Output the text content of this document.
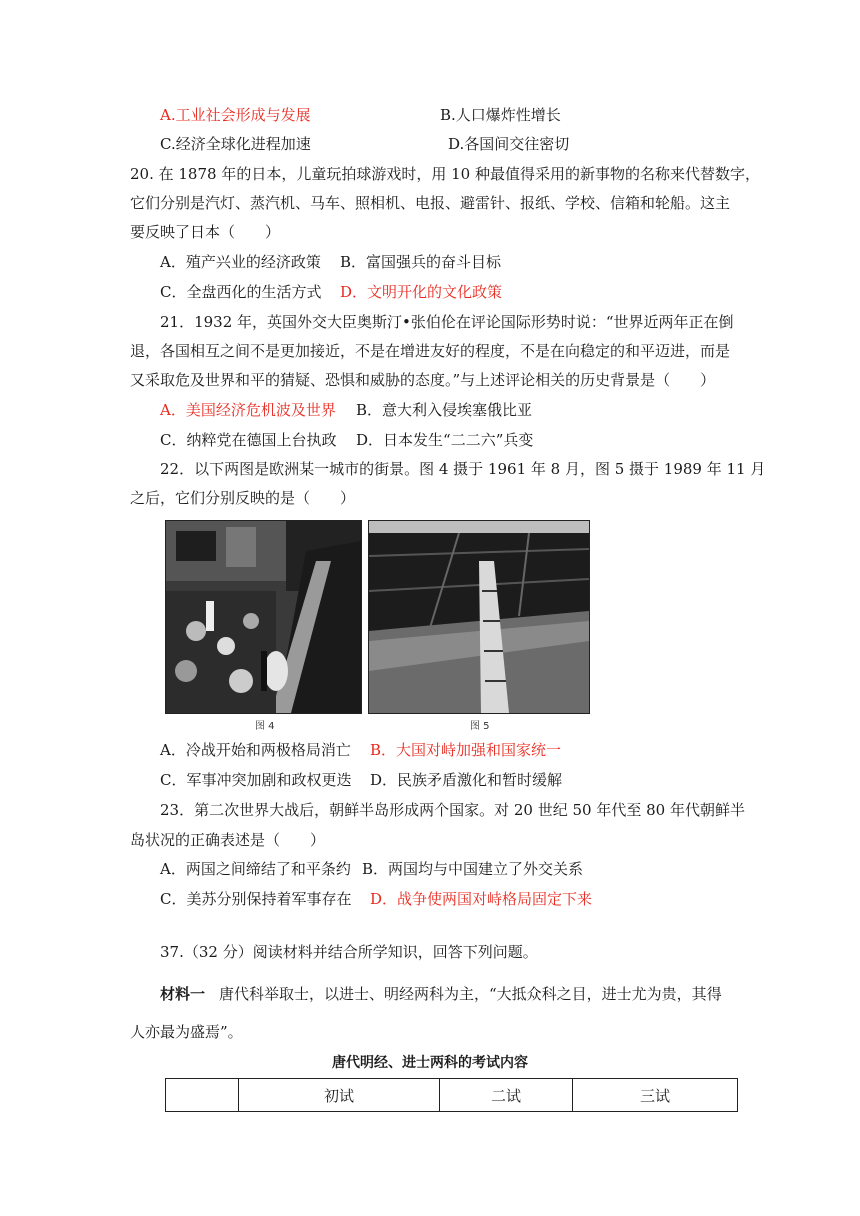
A.工业社会形成与发展	B.人口爆炸性增长
C.经济全球化进程加速	D.各国间交往密切
20. 在 1878 年的日本，儿童玩拍球游戏时，用 10 种最值得采用的新事物的名称来代替数字，
它们分别是汽灯、蒸汽机、马车、照相机、电报、避雷针、报纸、学校、信箱和轮船。这主
要反映了日本（　　）
A．殖产兴业的经济政策 B．富国强兵的奋斗目标
C．全盘西化的生活方式 D．文明开化的文化政策
21．1932 年，英国外交大臣奥斯汀•张伯伦在评论国际形势时说：“世界近两年正在倒
退，各国相互之间不是更加接近，不是在增进友好的程度，不是在向稳定的和平迈进，而是
又采取危及世界和平的猜疑、恐惧和威胁的态度。”与上述评论相关的历史背景是（　　）
A．美国经济危机波及世界 B．意大利入侵埃塞俄比亚
C．纳粹党在德国上台执政 D．日本发生“二二六”兵变
22．以下两图是欧洲某一城市的街景。图 4 摄于 1961 年 8 月，图 5 摄于 1989 年 11 月
之后，它们分别反映的是（　　）
图 4	图 5
A．冷战开始和两极格局消亡 B．大国对峙加强和国家统一
C．军事冲突加剧和政权更迭 D．民族矛盾激化和暂时缓解
23．第二次世界大战后，朝鲜半岛形成两个国家。对 20 世纪 50 年代至 80 年代朝鲜半
岛状况的正确表述是（　　）
A．两国之间缔结了和平条约 B．两国均与中国建立了外交关系
C．美苏分别保持着军事存在 D．战争使两国对峙格局固定下来
37.（32 分）阅读材料并结合所学知识，回答下列问题。
材料一 唐代科举取士，以进士、明经两科为主，“大抵众科之目，进士尤为贵，其得
人亦最为盛焉”。
唐代明经、进士两科的考试内容
	初试	二试	三试
